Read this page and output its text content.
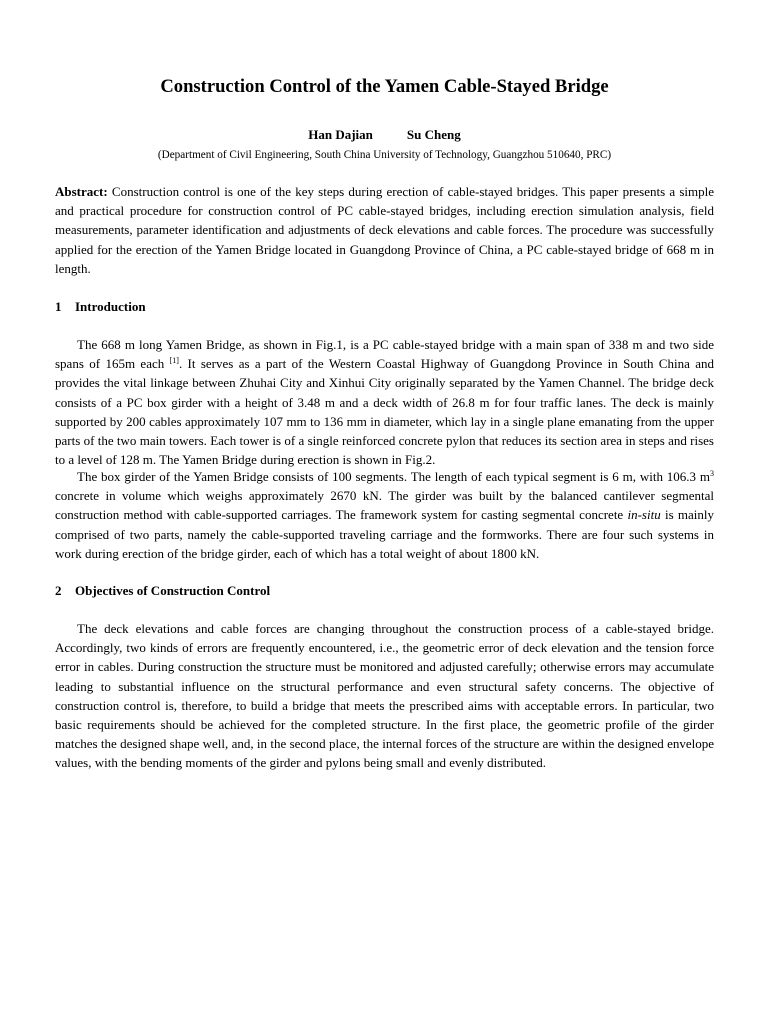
Construction Control of the Yamen Cable-Stayed Bridge
Han Dajian	Su Cheng
(Department of Civil Engineering, South China University of Technology, Guangzhou 510640, PRC)

Abstract: Construction control is one of the key steps during erection of cable-stayed bridges. This paper presents a simple and practical procedure for construction control of PC cable-stayed bridges, including erection simulation analysis, field measurements, parameter identification and adjustments of deck elevations and cable forces. The procedure was successfully applied for the erection of the Yamen Bridge located in Guangdong Province of China, a PC cable-stayed bridge of 668 m in length.

1 Introduction

The 668 m long Yamen Bridge, as shown in Fig.1, is a PC cable-stayed bridge with a main span of 338 m and two side spans of 165m each [1]. It serves as a part of the Western Coastal Highway of Guangdong Province in South China and provides the vital linkage between Zhuhai City and Xinhui City originally separated by the Yamen Channel. The bridge deck consists of a PC box girder with a height of 3.48 m and a deck width of 26.8 m for four traffic lanes. The deck is mainly supported by 200 cables approximately 107 mm to 136 mm in diameter, which lay in a single plane emanating from the upper parts of the two main towers. Each tower is of a single reinforced concrete pylon that reduces its section area in steps and rises to a level of 128 m. The Yamen Bridge during erection is shown in Fig.2.

The box girder of the Yamen Bridge consists of 100 segments. The length of each typical segment is 6 m, with 106.3 $m^3$ concrete in volume which weighs approximately 2670 kN. The girder was built by the balanced cantilever segmental construction method with cable-supported carriages. The framework system for casting segmental concrete in-situ is mainly comprised of two parts, namely the cable-supported traveling carriage and the formworks. There are four such systems in work during erection of the bridge girder, each of which has a total weight of about 1800 kN.

2 Objectives of Construction Control

The deck elevations and cable forces are changing throughout the construction process of a cable-stayed bridge. Accordingly, two kinds of errors are frequently encountered, i.e., the geometric error of deck elevation and the tension force error in cables. During construction the structure must be monitored and adjusted carefully; otherwise errors may accumulate leading to substantial influence on the structural performance and even structural safety concerns. The objective of construction control is, therefore, to build a bridge that meets the prescribed aims with acceptable errors. In particular, two basic requirements should be achieved for the completed structure. In the first place, the geometric profile of the girder matches the designed shape well, and, in the second place, the internal forces of the structure are within the designed envelope values, with the bending moments of the girder and pylons being small and evenly distributed.
